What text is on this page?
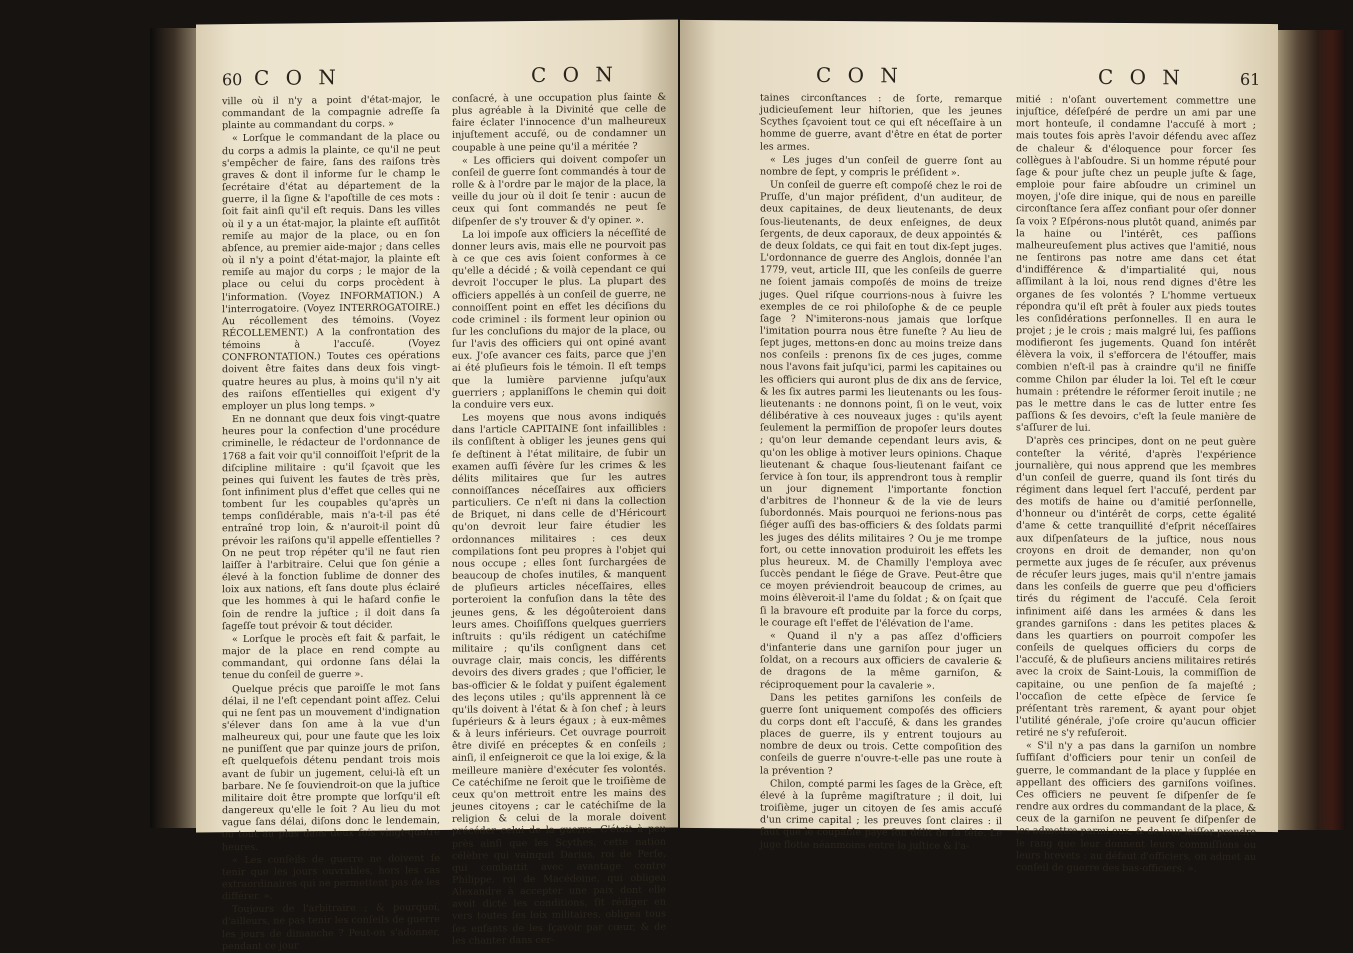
60 C O N	C O N

ville où il n'y a point d'état-major, le commandant de la compagnie adreſſe ſa plainte au commandant du corps. »

« Lorſque le commandant de la place ou du corps a admis la plainte, ce qu'il ne peut s'empêcher de faire, ſans des raiſons très graves & dont il informe ſur le champ le ſecrétaire d'état au département de la guerre, il la ſigne & l'apoſtille de ces mots : ſoit fait ainſi qu'il eſt requis. Dans les villes où il y a un état-major, la plainte eſt auſſitôt remiſe au major de la place, ou en ſon abſence, au premier aide-major ; dans celles où il n'y a point d'état-major, la plainte eſt remiſe au major du corps ; le major de la place ou celui du corps procèdent à l'information. (Voyez INFORMATION.) A l'interrogatoire. (Voyez INTERROGATOIRE.) Au récollement des témoins. (Voyez RÉCOLLEMENT.) A la confrontation des témoins à l'accuſé. (Voyez CONFRONTATION.) Toutes ces opérations doivent être faites dans deux fois vingt-quatre heures au plus, à moins qu'il n'y ait des raiſons eſſentielles qui exigent d'y employer un plus long temps. »

En ne donnant que deux fois vingt-quatre heures pour la confection d'une procédure criminelle, le rédacteur de l'ordonnance de 1768 a fait voir qu'il connoiſſoit l'eſprit de la diſcipline militaire : qu'il ſçavoit que les peines qui ſuivent les fautes de très près, ſont infiniment plus d'effet que celles qui ne tombent ſur les coupables qu'après un temps conſidérable, mais n'a-t-il pas été entraîné trop loin, & n'auroit-il point dû prévoir les raiſons qu'il appelle eſſentielles ? On ne peut trop répéter qu'il ne faut rien laiſſer à l'arbitraire. Celui que ſon génie a élevé à la fonction ſublime de donner des loix aux nations, eſt ſans doute plus éclairé que les hommes à qui le haſard confie le ſoin de rendre la juſtice ; il doit dans ſa ſageſſe tout prévoir & tout décider.

« Lorſque le procès eſt fait & parfait, le major de la place en rend compte au commandant, qui ordonne ſans délai la tenue du conſeil de guerre ».

Quelque précis que paroiſſe le mot ſans délai, il ne l'eſt cependant point aſſez. Celui qui ne ſent pas un mouvement d'indignation s'élever dans ſon ame à la vue d'un malheureux qui, pour une faute que les loix ne puniſſent que par quinze jours de priſon, eſt quelquefois détenu pendant trois mois avant de ſubir un jugement, celui-là eſt un barbare. Ne ſe ſouviendroit-on que la juſtice militaire doit être prompte que lorſqu'il eſt dangereux qu'elle le ſoit ? Au lieu du mot vague ſans délai, diſons donc le lendemain, ou tout au plus dans deux fois vingt-quatre heures.

« Les conſeils de guerre ne doivent ſe tenir que les jours ouvrables, hors les cas extraordinaires qui ne permettent pas de les différer. ».

Toujours de l'arbitraire ; & pourquoi, d'ailleurs, ne pas tenir les conſeils de guerre les jours de dimanche ? Peut-on s'adonner, pendant ce jour

conſacré, à une occupation plus ſainte & plus agréable à la Divinité que celle de faire éclater l'innocence d'un malheureux injuſtement accuſé, ou de condamner un coupable à une peine qu'il a méritée ?

« Les officiers qui doivent compoſer un conſeil de guerre ſont commandés à tour de rolle & à l'ordre par le major de la place, la veille du jour où il doit ſe tenir : aucun de ceux qui ſont commandés ne peut ſe diſpenſer de s'y trouver & d'y opiner. ».

La loi impoſe aux officiers la néceſſité de donner leurs avis, mais elle ne pourvoit pas à ce que ces avis ſoient conformes à ce qu'elle a décidé ; & voilà cependant ce qui devroit l'occuper le plus. La plupart des officiers appellés à un conſeil de guerre, ne connoiſſent point en effet les déciſions du code criminel : ils forment leur opinion ou ſur les concluſions du major de la place, ou ſur l'avis des officiers qui ont opiné avant eux. J'oſe avancer ces faits, parce que j'en ai été pluſieurs fois le témoin. Il eſt temps que la lumière parvienne juſqu'aux guerriers ; applaniſſons le chemin qui doit la conduire vers eux.

Les moyens que nous avons indiqués dans l'article CAPITAINE ſont infaillibles : ils conſiſtent à obliger les jeunes gens qui ſe deſtinent à l'état militaire, de ſubir un examen auſſi ſévère ſur les crimes & les délits militaires que ſur les autres connoiſſances néceſſaires aux officiers particuliers. Ce n'eſt ni dans la collection de Briquet, ni dans celle de d'Héricourt qu'on devroit leur faire étudier les ordonnances militaires : ces deux compilations ſont peu propres à l'objet qui nous occupe ; elles ſont ſurchargées de beaucoup de choſes inutiles, & manquent de pluſieurs articles néceſſaires, elles porteroient la confuſion dans la tête des jeunes gens, & les dégoûteroient dans leurs ames. Choiſiſſons quelques guerriers inſtruits : qu'ils rédigent un catéchiſme militaire ; qu'ils conſignent dans cet ouvrage clair, mais concis, les différents devoirs des divers grades ; que l'officier, le bas-officier & le ſoldat y puiſent également des leçons utiles ; qu'ils apprennent là ce qu'ils doivent à l'état & à ſon chef ; à leurs ſupérieurs & à leurs égaux ; à eux-mêmes & à leurs inférieurs. Cet ouvrage pourroit être diviſé en préceptes & en conſeils ; ainſi, il enſeigneroit ce que la loi exige, & la meilleure manière d'exécuter ſes volontés. Ce catéchiſme ne ſeroit que le troiſième de ceux qu'on mettroit entre les mains des jeunes citoyens ; car le catéchiſme de la religion & celui de la morale doivent précéder celui de la guerre. C'étoit à peu près ainſi que les Scythes, cette nation célèbre qui vainquit Darius, roi de Perſe, qui combattit avec avantage contre Philippe, roi de Macédoine, qui obligea Alexandre à accepter une paix dont elle avoit dicté les conditions, ſit rédiger en vers toutes ſes loix militaires, obligea tous ſes enfants de les ſçavoir par cœur, & de les chanter dans cer-

C O N	C O N	61

taines circonſtances : de ſorte, remarque judicieuſement leur hiſtorien, que les jeunes Scythes ſçavoient tout ce qui eſt néceſſaire à un homme de guerre, avant d'être en état de porter les armes.

« Les juges d'un conſeil de guerre ſont au nombre de ſept, y compris le préſident ».

Un conſeil de guerre eſt compoſé chez le roi de Pruſſe, d'un major préſident, d'un auditeur, de deux capitaines, de deux lieutenants, de deux ſous-lieutenants, de deux enſeignes, de deux ſergents, de deux caporaux, de deux appointés & de deux ſoldats, ce qui fait en tout dix-ſept juges. L'ordonnance de guerre des Anglois, donnée l'an 1779, veut, article III, que les conſeils de guerre ne ſoient jamais compoſés de moins de treize juges. Quel riſque courrions-nous à ſuivre les exemples de ce roi philoſophe & de ce peuple ſage ? N'imiterons-nous jamais que lorſque l'imitation pourra nous être funeſte ? Au lieu de ſept juges, mettons-en donc au moins treize dans nos conſeils : prenons ſix de ces juges, comme nous l'avons fait juſqu'ici, parmi les capitaines ou les officiers qui auront plus de dix ans de ſervice, & les ſix autres parmi les lieutenants ou les ſous-lieutenants : ne donnons point, ſi on le veut, voix délibérative à ces nouveaux juges : qu'ils ayent ſeulement la permiſſion de propoſer leurs doutes ; qu'on leur demande cependant leurs avis, & qu'on les oblige à motiver leurs opinions. Chaque lieutenant & chaque ſous-lieutenant faiſant ce ſervice à ſon tour, ils apprendront tous à remplir un jour dignement l'importante fonction d'arbitres de l'honneur & de la vie de leurs ſubordonnés. Mais pourquoi ne ferions-nous pas ſiéger auſſi des bas-officiers & des ſoldats parmi les juges des délits militaires ? Ou je me trompe fort, ou cette innovation produiroit les effets les plus heureux. M. de Chamilly l'employa avec ſuccès pendant le ſiége de Grave. Peut-être que ce moyen préviendroit beaucoup de crimes, au moins élèveroit-il l'ame du ſoldat ; & on ſçait que ſi la bravoure eſt produite par la force du corps, le courage eſt l'effet de l'élévation de l'ame.

« Quand il n'y a pas aſſez d'officiers d'infanterie dans une garniſon pour juger un ſoldat, on a recours aux officiers de cavalerie & de dragons de la même garniſon, & réciproquement pour la cavalerie ».

Dans les petites garniſons les conſeils de guerre ſont uniquement compoſés des officiers du corps dont eſt l'accuſé, & dans les grandes places de guerre, ils y entrent toujours au nombre de deux ou trois. Cette compoſition des conſeils de guerre n'ouvre-t-elle pas une route à la prévention ?

Chilon, compté parmi les ſages de la Grèce, eſt élevé à la ſuprême magiſtrature ; il doit, lui troiſième, juger un citoyen de ſes amis accuſé d'un crime capital ; les preuves ſont claires : il faut que le coupable paye ſon délit de ſa tête. Le juge flotte néanmoins entre la juſtice & l'a-

mitié : n'oſant ouvertement commettre une injuſtice, déſeſpéré de perdre un ami par une mort honteuſe, il condamne l'accuſé à mort ; mais toutes fois après l'avoir défendu avec aſſez de chaleur & d'éloquence pour forcer ſes collègues à l'abſoudre. Si un homme réputé pour ſage & pour juſte chez un peuple juſte & ſage, emploie pour faire abſoudre un criminel un moyen, j'oſe dire inique, qui de nous en pareille circonſtance ſera aſſez confiant pour oſer donner ſa voix ? Eſpérons-nous plutôt quand, animés par la haine ou l'intérêt, ces paſſions malheureuſement plus actives que l'amitié, nous ne ſentirons pas notre ame dans cet état d'indifférence & d'impartialité qui, nous aſſimilant à la loi, nous rend dignes d'être les organes de ſes volontés ? L'homme vertueux répondra qu'il eſt prêt à fouler aux pieds toutes les conſidérations perſonnelles. Il en aura le projet ; je le crois ; mais malgré lui, ſes paſſions modifieront ſes jugements. Quand ſon intérêt élèvera la voix, il s'efforcera de l'étouffer, mais combien n'eſt-il pas à craindre qu'il ne finiſſe comme Chilon par éluder la loi. Tel eſt le cœur humain : prétendre le réformer ſeroit inutile ; ne pas le mettre dans le cas de lutter entre ſes paſſions & ſes devoirs, c'eſt la ſeule manière de s'aſſurer de lui.

D'après ces principes, dont on ne peut guère conteſter la vérité, d'après l'expérience journalière, qui nous apprend que les membres d'un conſeil de guerre, quand ils ſont tirés du régiment dans lequel ſert l'accuſé, perdent par des motifs de haine ou d'amitié perſonnelle, d'honneur ou d'intérêt de corps, cette égalité d'ame & cette tranquillité d'eſprit néceſſaires aux diſpenſateurs de la juſtice, nous nous croyons en droit de demander, non qu'on permette aux juges de ſe récuſer, aux prévenus de récuſer leurs juges, mais qu'il n'entre jamais dans les conſeils de guerre que peu d'officiers tirés du régiment de l'accuſé. Cela ſeroit infiniment aiſé dans les armées & dans les grandes garniſons : dans les petites places & dans les quartiers on pourroit compoſer les conſeils de quelques officiers du corps de l'accuſé, & de pluſieurs anciens militaires retirés avec la croix de Saint-Louis, la commiſſion de capitaine, ou une penſion de ſa majeſté ; l'occaſion de cette eſpèce de ſervice ſe préſentant très rarement, & ayant pour objet l'utilité générale, j'oſe croire qu'aucun officier retiré ne s'y refuſeroit.

« S'il n'y a pas dans la garniſon un nombre ſuffiſant d'officiers pour tenir un conſeil de guerre, le commandant de la place y ſupplée en appellant des officiers des garniſons voiſines. Ces officiers ne peuvent ſe diſpenſer de ſe rendre aux ordres du commandant de la place, & ceux de la garniſon ne peuvent ſe diſpenſer de les admettre parmi eux, & de leur laiſſer prendre le rang que leur donnent leurs commiſſions ou leurs brevets : au défaut d'officiers, on admet au conſeil de guerre des bas-officiers. ».
